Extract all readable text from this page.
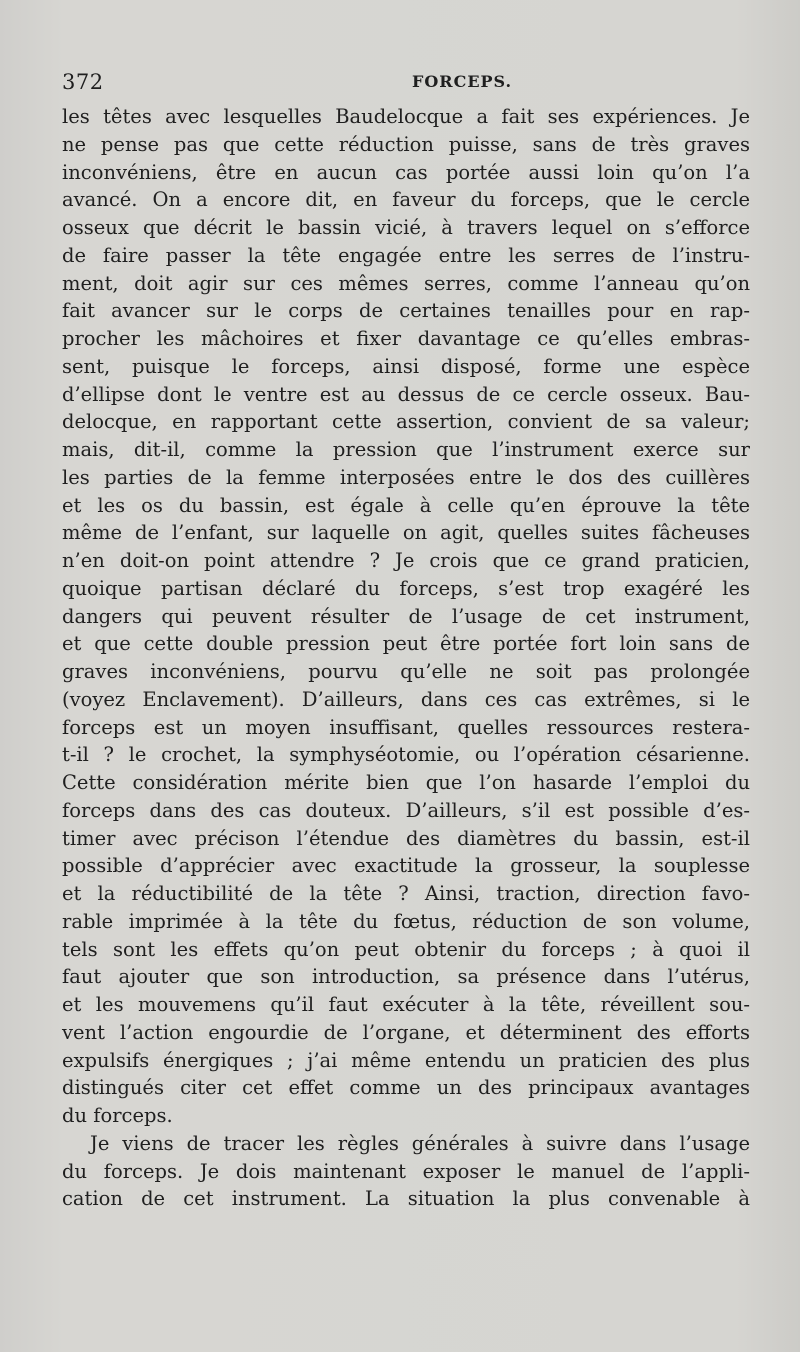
372	FORCEPS.
les têtes avec lesquelles Baudelocque a fait ses expériences. Je
ne pense pas que cette réduction puisse, sans de très graves
inconvéniens, être en aucun cas portée aussi loin qu’on l’a
avancé. On a encore dit, en faveur du forceps, que le cercle
osseux que décrit le bassin vicié, à travers lequel on s’efforce
de faire passer la tête engagée entre les serres de l’instru-
ment, doit agir sur ces mêmes serres, comme l’anneau qu’on
fait avancer sur le corps de certaines tenailles pour en rap-
procher les mâchoires et fixer davantage ce qu’elles embras-
sent, puisque le forceps, ainsi disposé, forme une espèce
d’ellipse dont le ventre est au dessus de ce cercle osseux. Bau-
delocque, en rapportant cette assertion, convient de sa valeur;
mais, dit-il, comme la pression que l’instrument exerce sur
les parties de la femme interposées entre le dos des cuillères
et les os du bassin, est égale à celle qu’en éprouve la tête
même de l’enfant, sur laquelle on agit, quelles suites fâcheuses
n’en doit-on point attendre ? Je crois que ce grand praticien,
quoique partisan déclaré du forceps, s’est trop exagéré les
dangers qui peuvent résulter de l’usage de cet instrument,
et que cette double pression peut être portée fort loin sans de
graves inconvéniens, pourvu qu’elle ne soit pas prolongée
(voyez Enclavement). D’ailleurs, dans ces cas extrêmes, si le
forceps est un moyen insuffisant, quelles ressources restera-
t-il ? le crochet, la symphyséotomie, ou l’opération césarienne.
Cette considération mérite bien que l’on hasarde l’emploi du
forceps dans des cas douteux. D’ailleurs, s’il est possible d’es-
timer avec précison l’étendue des diamètres du bassin, est-il
possible d’apprécier avec exactitude la grosseur, la souplesse
et la réductibilité de la tête ? Ainsi, traction, direction favo-
rable imprimée à la tête du fœtus, réduction de son volume,
tels sont les effets qu’on peut obtenir du forceps ; à quoi il
faut ajouter que son introduction, sa présence dans l’utérus,
et les mouvemens qu’il faut exécuter à la tête, réveillent sou-
vent l’action engourdie de l’organe, et déterminent des efforts
expulsifs énergiques ; j’ai même entendu un praticien des plus
distingués citer cet effet comme un des principaux avantages
du forceps.
Je viens de tracer les règles générales à suivre dans l’usage
du forceps. Je dois maintenant exposer le manuel de l’appli-
cation de cet instrument. La situation la plus convenable à
